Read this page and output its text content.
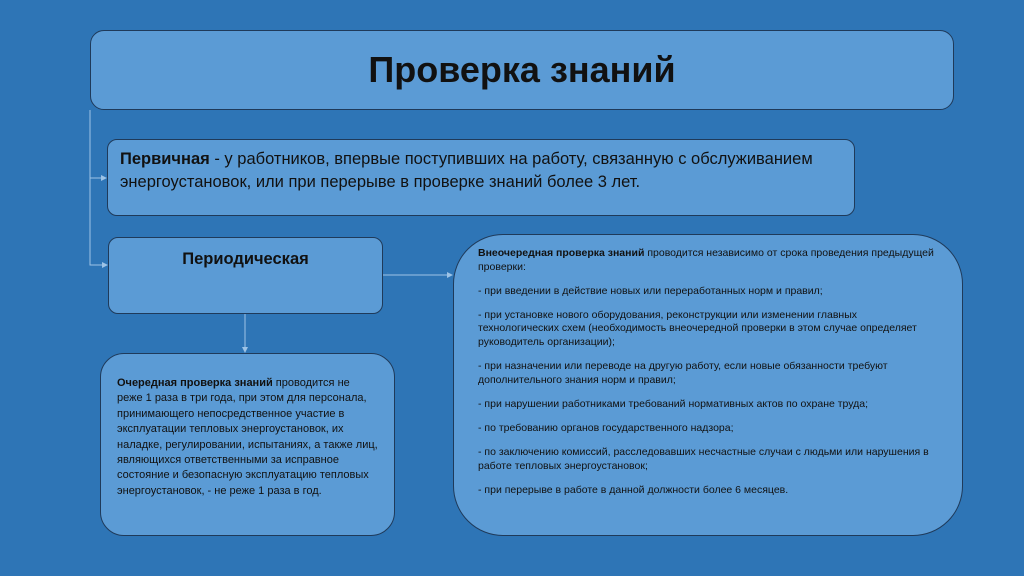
Проверка знаний
Первичная - у работников, впервые поступивших на работу, связанную с обслуживанием энергоустановок, или при перерыве в проверке знаний более 3 лет.
Периодическая
Очередная проверка знаний проводится не реже 1 раза в три года, при этом для персонала, принимающего непосредственное участие в эксплуатации тепловых энергоустановок, их наладке, регулировании, испытаниях, а также лиц, являющихся ответственными за исправное состояние и безопасную эксплуатацию тепловых энергоустановок, - не реже 1 раза в год.

Внеочередная проверка знаний проводится независимо от срока проведения предыдущей проверки:

- при введении в действие новых или переработанных норм и правил;

- при установке нового оборудования, реконструкции или изменении главных технологических схем (необходимость внеочередной проверки в этом случае определяет руководитель организации);

- при назначении или переводе на другую работу, если новые обязанности требуют дополнительного знания норм и правил;

- при нарушении работниками требований нормативных актов по охране труда;

- по требованию органов государственного надзора;

- по заключению комиссий, расследовавших несчастные случаи с людьми или нарушения в работе тепловых энергоустановок;

- при перерыве в работе в данной должности более 6 месяцев.
